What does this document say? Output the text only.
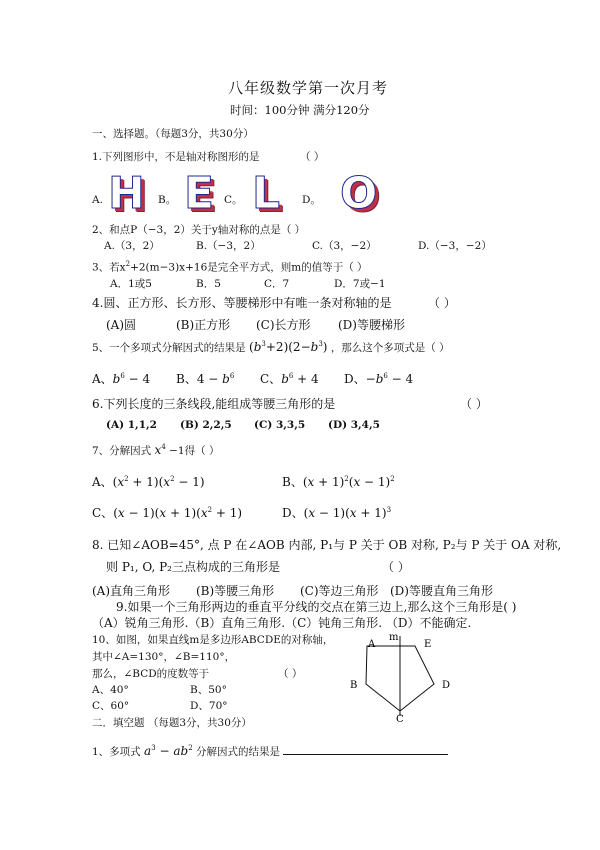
八年级数学第一次月考
时间：100分钟 满分120分
一、选择题。（每题3分，共30分）
1.下列图形中，不是轴对称图形的是	（ ）
A. H B。 E C。 L D。 O
2、和点P（−3，2）关于y轴对称的点是（ ）
A.（3，2）	B.（−3，2）	C.（3，−2）	D.（−3，−2）
3、若$x^2+2(m-3)x+16$是完全平方式，则m的值等于（ ）
A．1或5	B．5	C．7	D．7或−1
4.圆、正方形、长方形、等腰梯形中有唯一条对称轴的是	（ ）
(A)圆	(B)正方形 (C)长方形 (D)等腰梯形
5、一个多项式分解因式的结果是 $(b^3+2)(2-b^3)$ ，那么这个多项式是（ ）
A、$b^6 - 4$ B、$4 - b^6$ C、$b^6 + 4$ D、$-b^6 - 4$
6.下列长度的三条线段,能组成等腰三角形的是	（ ）
(A) 1,1,2 (B) 2,2,5 (C) 3,3,5 (D) 3,4,5
7、分解因式 $x^4 -1$得（ ）
A、$(x^2 + 1)(x^2 - 1)$	B、$(x + 1)^2(x - 1)^2$
C、$(x - 1)(x + 1)(x^2 + 1)$	D、$(x - 1)(x + 1)^3$
8. 已知∠AOB=45°, 点 P 在∠AOB 内部, P₁与 P 关于 OB 对称, P₂与 P 关于 OA 对称,
则 P₁, O, P₂三点构成的三角形是	（ ）
(A)直角三角形 (B)等腰三角形 (C)等边三角形 (D)等腰直角三角形
9.如果一个三角形两边的垂直平分线的交点在第三边上,那么这个三角形是( )
（A）锐角三角形.（B）直角三角形.（C）钝角三角形. （D）不能确定.
10、如图，如果直线m是多边形ABCDE的对称轴，
其中∠A=130°，∠B=110°，
那么，∠BCD的度数等于	（ ）
A、40°	B、50°
C、60°	D、70°
m
A	E
B	D
C
二．填空题 （每题3分，共30分）
1、多项式 $a^3 - ab^2$ 分解因式的结果是
